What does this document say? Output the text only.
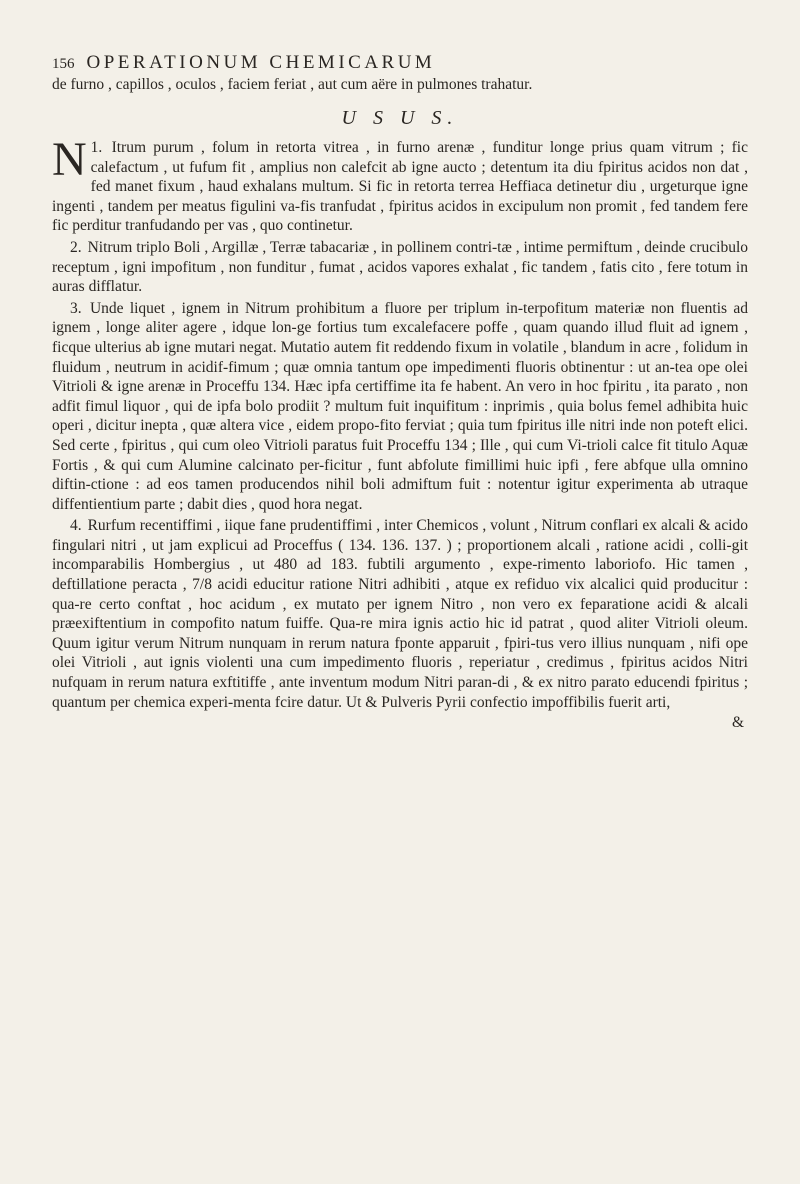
156 OPERATIONUM CHEMICARUM
de furno , capillos , oculos , faciem feriat , aut cum aëre in pulmones trahatur.
U S U S.

1.
N Itrum purum , folum in retorta vitrea , in furno arenæ , funditur longe prius quam vitrum ; fic calefactum , ut fufum fit , amplius non calefcit ab igne aucto ; detentum ita diu fpiritus acidos non dat , fed manet fixum , haud exhalans multum. Si fic in retorta terrea Heffiaca detinetur diu , urgeturque igne ingenti , tandem per meatus figulini va-fis tranfudat , fpiritus acidos in excipulum non promit , fed tandem fere fic perditur tranfudando per vas , quo continetur.

2. Nitrum triplo Boli , Argillæ , Terræ tabacariæ , in pollinem contri-tæ , intime permiftum , deinde crucibulo receptum , igni impofitum , non funditur , fumat , acidos vapores exhalat , fic tandem , fatis cito , fere totum in auras difflatur.

3. Unde liquet , ignem in Nitrum prohibitum a fluore per triplum in-terpofitum materiæ non fluentis ad ignem , longe aliter agere , idque lon-ge fortius tum excalefacere poffe , quam quando illud fluit ad ignem , ficque ulterius ab igne mutari negat. Mutatio autem fit reddendo fixum in volatile , blandum in acre , folidum in fluidum , neutrum in acidif-fimum ; quæ omnia tantum ope impedimenti fluoris obtinentur : ut an-tea ope olei Vitrioli & igne arenæ in Proceffu 134. Hæc ipfa certiffime ita fe habent. An vero in hoc fpiritu , ita parato , non adfit fimul liquor , qui de ipfa bolo prodiit ? multum fuit inquifitum : inprimis , quia bolus femel adhibita huic operi , dicitur inepta , quæ altera vice , eidem propo-fito ferviat ; quia tum fpiritus ille nitri inde non poteft elici. Sed certe , fpiritus , qui cum oleo Vitrioli paratus fuit Proceffu 134 ; Ille , qui cum Vi-trioli calce fit titulo Aquæ Fortis , & qui cum Alumine calcinato per-ficitur , funt abfolute fimillimi huic ipfi , fere abfque ulla omnino diftin-ctione : ad eos tamen producendos nihil boli admiftum fuit : notentur igitur experimenta ab utraque diffentientium parte ; dabit dies , quod hora negat.

4. Rurfum recentiffimi , iique fane prudentiffimi , inter Chemicos , volunt , Nitrum conflari ex alcali & acido fingulari nitri , ut jam explicui ad Proceffus ( 134. 136. 137. ) ; proportionem alcali , ratione acidi , colli-git incomparabilis Hombergius , ut 480 ad 183. fubtili argumento , expe-rimento laboriofo. Hic tamen , deftillatione peracta , 7/8 acidi educitur ratione Nitri adhibiti , atque ex refiduo vix alcalici quid producitur : qua-re certo conftat , hoc acidum , ex mutato per ignem Nitro , non vero ex feparatione acidi & alcali præexiftentium in compofito natum fuiffe. Qua-re mira ignis actio hic id patrat , quod aliter Vitrioli oleum. Quum igitur verum Nitrum nunquam in rerum natura fponte apparuit , fpiri-tus vero illius nunquam , nifi ope olei Vitrioli , aut ignis violenti una cum impedimento fluoris , reperiatur , credimus , fpiritus acidos Nitri nufquam in rerum natura exftitiffe , ante inventum modum Nitri paran-di , & ex nitro parato educendi fpiritus ; quantum per chemica experi-menta fcire datur. Ut & Pulveris Pyrii confectio impoffibilis fuerit arti,

&
